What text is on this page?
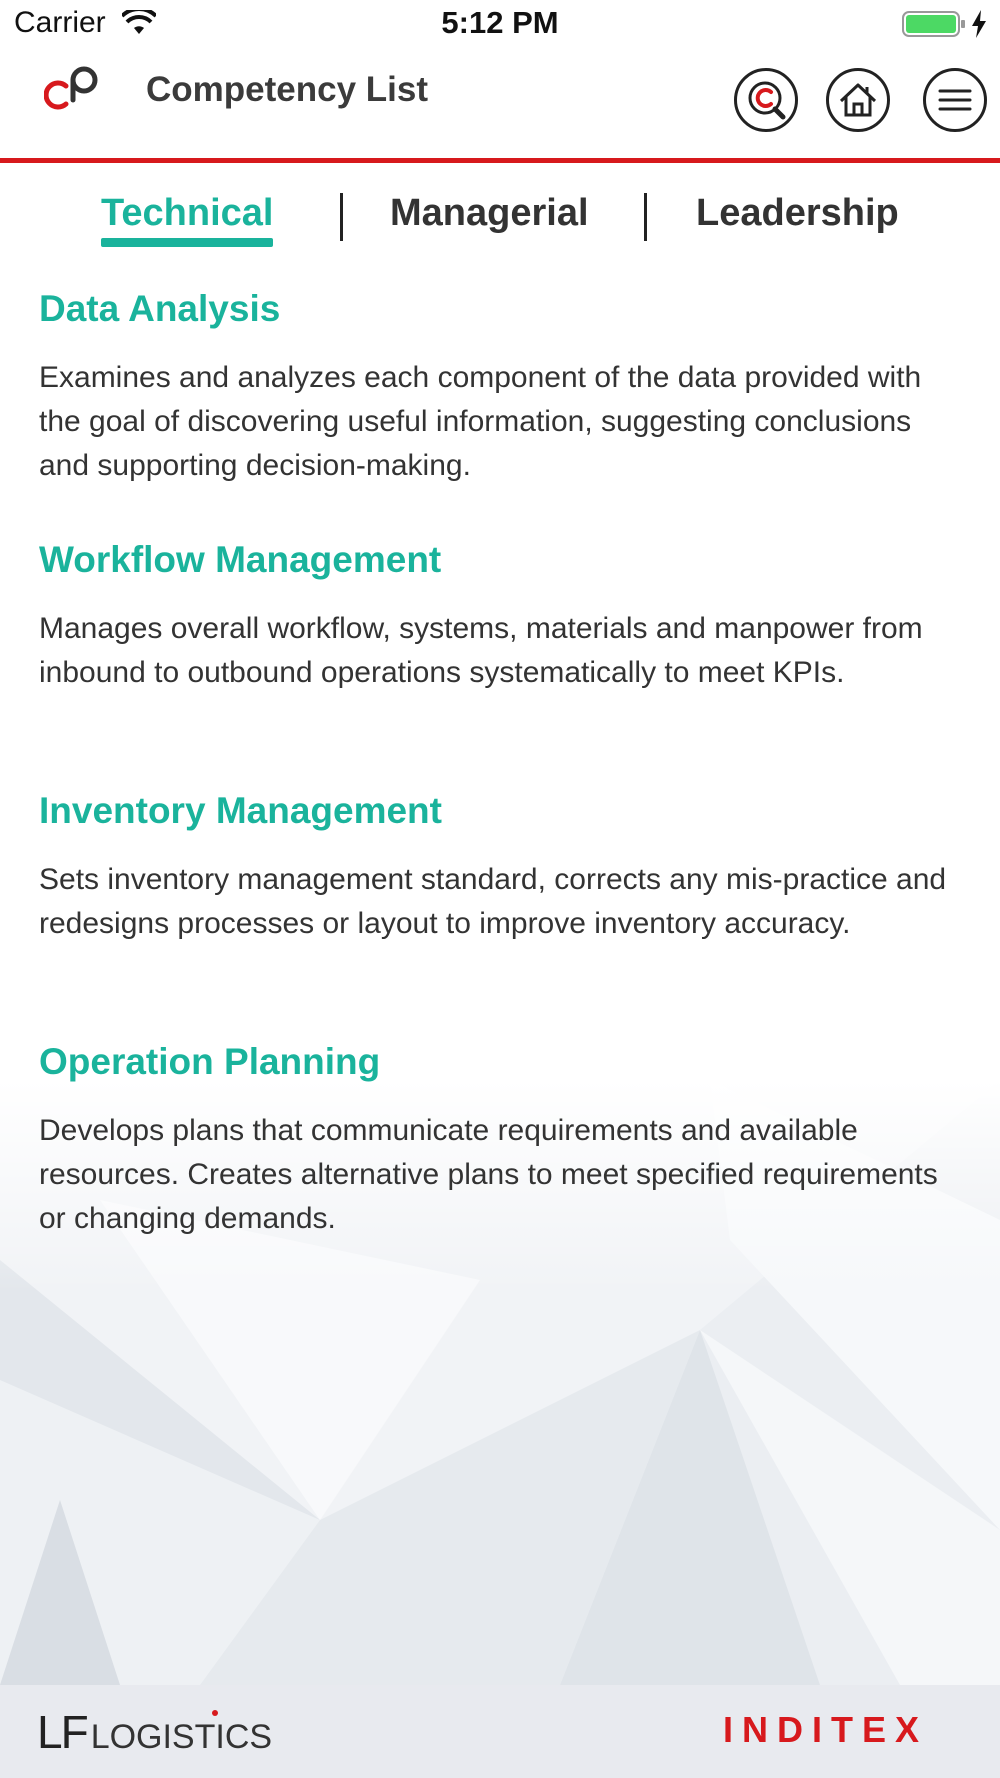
Carrier	5:12 PM
Competency List
Technical	Managerial	Leadership
Data Analysis

Examines and analyzes each component of the data provided with the goal of discovering useful information, suggesting conclusions and supporting decision-making.

Workflow Management

Manages overall workflow, systems, materials and manpower from inbound to outbound operations systematically to meet KPIs.

Inventory Management

Sets inventory management standard, corrects any mis-practice and redesigns processes or layout to improve inventory accuracy.

Operation Planning

Develops plans that communicate requirements and available resources. Creates alternative plans to meet specified requirements or changing demands.

LF LOGISTICS	INDITEX
